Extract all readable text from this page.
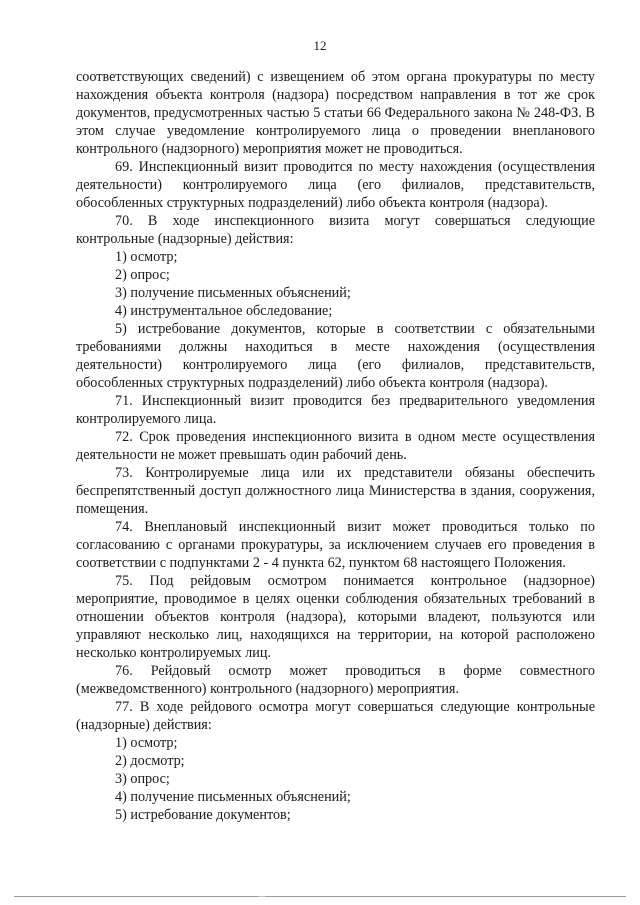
12

соответствующих сведений) с извещением об этом органа прокуратуры по месту нахождения объекта контроля (надзора) посредством направления в тот же срок документов, предусмотренных частью 5 статьи 66 Федерального закона № 248-ФЗ. В этом случае уведомление контролируемого лица о проведении внепланового контрольного (надзорного) мероприятия может не проводиться.

69. Инспекционный визит проводится по месту нахождения (осуществления деятельности) контролируемого лица (его филиалов, представительств, обособленных структурных подразделений) либо объекта контроля (надзора).

70. В ходе инспекционного визита могут совершаться следующие контрольные (надзорные) действия:

1) осмотр;

2) опрос;

3) получение письменных объяснений;

4) инструментальное обследование;

5) истребование документов, которые в соответствии с обязательными требованиями должны находиться в месте нахождения (осуществления деятельности) контролируемого лица (его филиалов, представительств, обособленных структурных подразделений) либо объекта контроля (надзора).

71. Инспекционный визит проводится без предварительного уведомления контролируемого лица.

72. Срок проведения инспекционного визита в одном месте осуществления деятельности не может превышать один рабочий день.

73. Контролируемые лица или их представители обязаны обеспечить беспрепятственный доступ должностного лица Министерства в здания, сооружения, помещения.

74. Внеплановый инспекционный визит может проводиться только по согласованию с органами прокуратуры, за исключением случаев его проведения в соответствии с подпунктами 2 - 4 пункта 62, пунктом 68 настоящего Положения.

75. Под рейдовым осмотром понимается контрольное (надзорное) мероприятие, проводимое в целях оценки соблюдения обязательных требований в отношении объектов контроля (надзора), которыми владеют, пользуются или управляют несколько лиц, находящихся на территории, на которой расположено несколько контролируемых лиц.

76. Рейдовый осмотр может проводиться в форме совместного (межведомственного) контрольного (надзорного) мероприятия.

77. В ходе рейдового осмотра могут совершаться следующие контрольные (надзорные) действия:

1) осмотр;

2) досмотр;

3) опрос;

4) получение письменных объяснений;

5) истребование документов;
